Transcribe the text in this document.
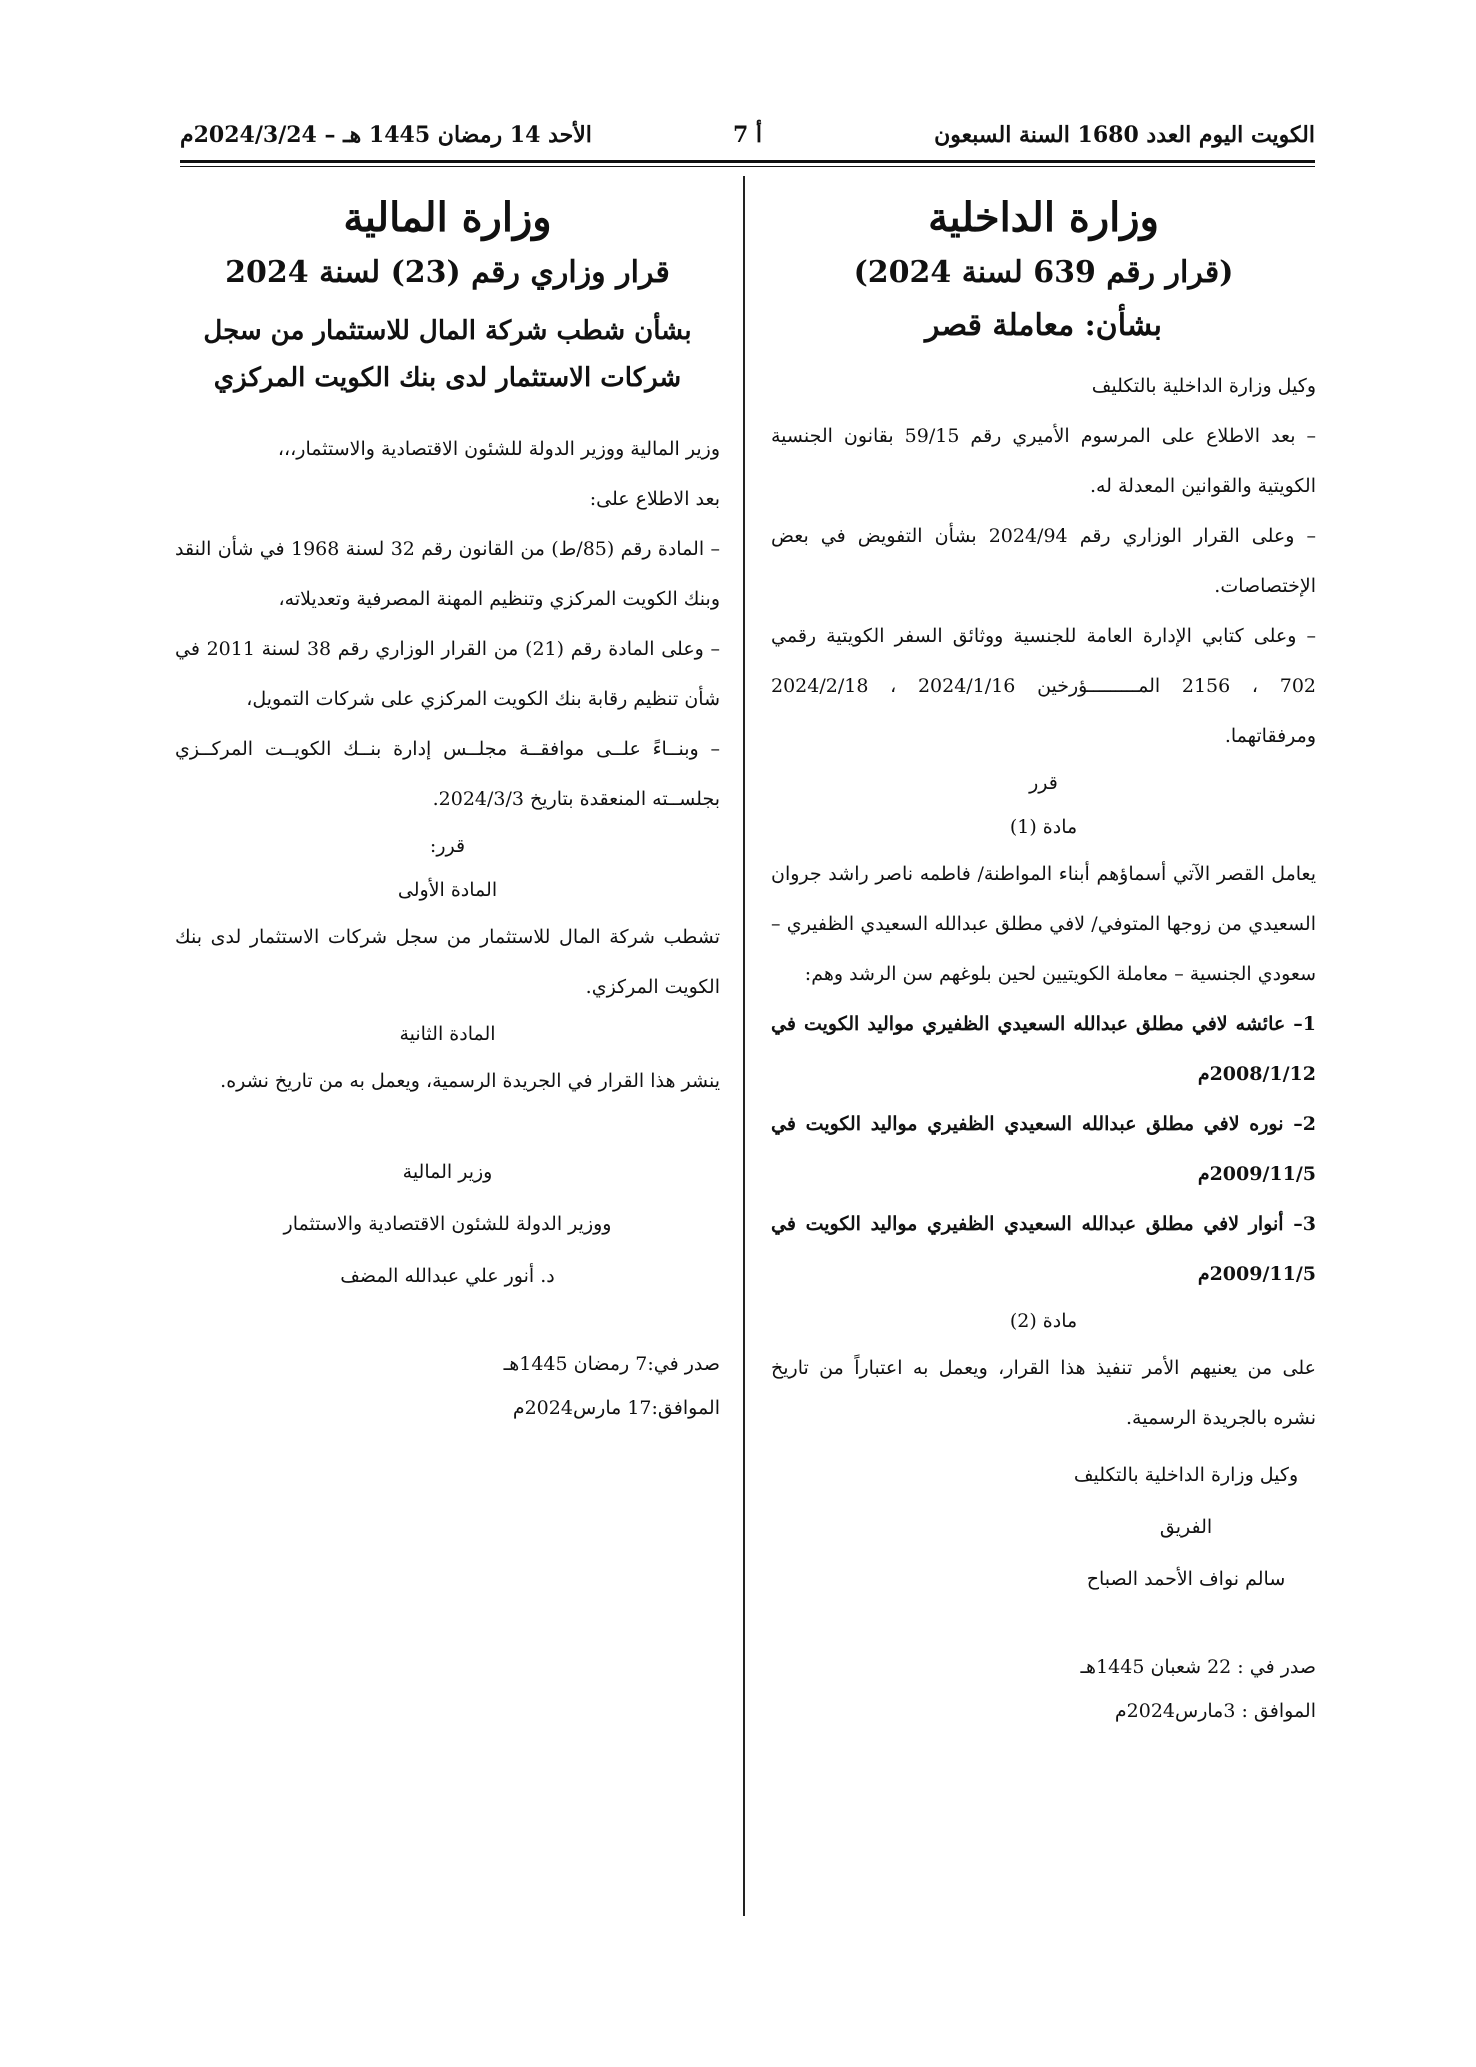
الكويت اليوم العدد 1680 السنة السبعون
أ 7
الأحد 14 رمضان 1445 هـ – 2024/3/24م
وزارة الداخلية
(قرار رقم 639 لسنة 2024)
بشأن: معاملة قصر

وكيل وزارة الداخلية بالتكليف

– بعد الاطلاع على المرسوم الأميري رقم 59/15 بقانون الجنسية الكويتية والقوانين المعدلة له.

– وعلى القرار الوزاري رقم 2024/94 بشأن التفويض في بعض الإختصاصات.

– وعلى كتابي الإدارة العامة للجنسية ووثائق السفر الكويتية رقمي 702 ، 2156 المـــــــــؤرخين 2024/1/16 ، 2024/2/18 ومرفقاتهما.

قرر

مادة (1)

يعامل القصر الآتي أسماؤهم أبناء المواطنة/ فاطمه ناصر راشد جروان السعيدي من زوجها المتوفي/ لافي مطلق عبدالله السعيدي الظفيري – سعودي الجنسية – معاملة الكويتيين لحين بلوغهم سن الرشد وهم:

1– عائشه لافي مطلق عبدالله السعيدي الظفيري مواليد الكويت في 2008/1/12م

2– نوره لافي مطلق عبدالله السعيدي الظفيري مواليد الكويت في 2009/11/5م

3– أنوار لافي مطلق عبدالله السعيدي الظفيري مواليد الكويت في 2009/11/5م

مادة (2)

على من يعنيهم الأمر تنفيذ هذا القرار، ويعمل به اعتباراً من تاريخ نشره بالجريدة الرسمية.

وكيل وزارة الداخلية بالتكليف

الفريق

سالم نواف الأحمد الصباح

صدر في : 22 شعبان 1445هـ

الموافق : 3مارس2024م

وزارة المالية
قرار وزاري رقم (23) لسنة 2024
بشأن شطب شركة المال للاستثمار من سجل شركات الاستثمار لدى بنك الكويت المركزي

وزير المالية ووزير الدولة للشئون الاقتصادية والاستثمار،،،

بعد الاطلاع على:

– المادة رقم (85/ط) من القانون رقم 32 لسنة 1968 في شأن النقد وبنك الكويت المركزي وتنظيم المهنة المصرفية وتعديلاته،

– وعلى المادة رقم (21) من القرار الوزاري رقم 38 لسنة 2011 في شأن تنظيم رقابة بنك الكويت المركزي على شركات التمويل،

– وبنــاءً علــى موافقــة مجلــس إدارة بنــك الكويــت المركــزي بجلســته المنعقدة بتاريخ 2024/3/3.

قرر:

المادة الأولى

تشطب شركة المال للاستثمار من سجل شركات الاستثمار لدى بنك الكويت المركزي.

المادة الثانية

ينشر هذا القرار في الجريدة الرسمية، ويعمل به من تاريخ نشره.

وزير المالية

ووزير الدولة للشئون الاقتصادية والاستثمار

د. أنور علي عبدالله المضف

صدر في:7 رمضان 1445هـ

الموافق:17 مارس2024م
